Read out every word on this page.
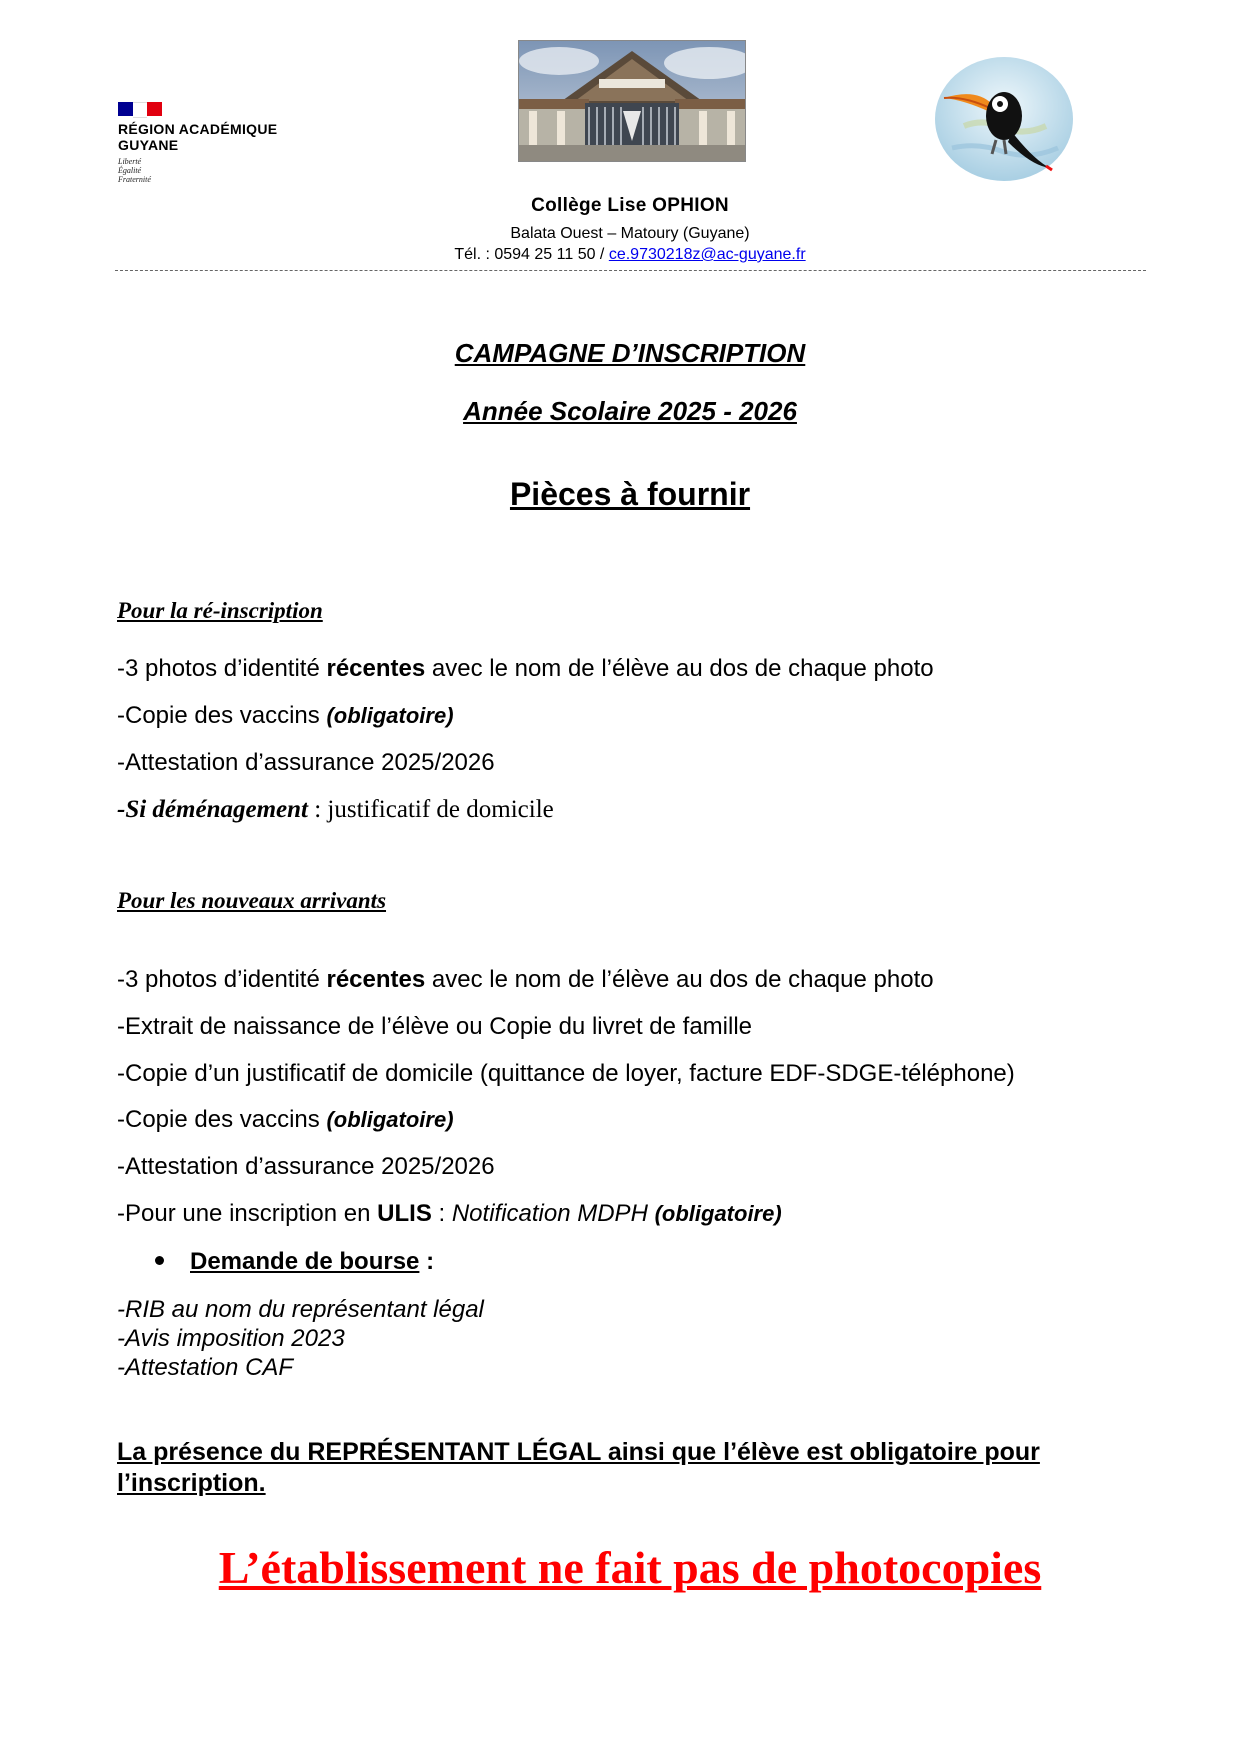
RÉGION ACADÉMIQUE
GUYANE
Liberté
Égalité
Fraternité
Collège Lise OPHION
Balata Ouest – Matoury (Guyane)
Tél. : 0594 25 11 50 / ce.9730218z@ac-guyane.fr
CAMPAGNE D’INSCRIPTION
Année Scolaire 2025 - 2026
Pièces à fournir
Pour la ré-inscription
-3 photos d’identité récentes avec le nom de l’élève au dos de chaque photo
-Copie des vaccins (obligatoire)
-Attestation d’assurance 2025/2026
-Si déménagement : justificatif de domicile
Pour les nouveaux arrivants
-3 photos d’identité récentes avec le nom de l’élève au dos de chaque photo
-Extrait de naissance de l’élève ou Copie du livret de famille
-Copie d’un justificatif de domicile (quittance de loyer, facture EDF-SDGE-téléphone)
-Copie des vaccins (obligatoire)
-Attestation d’assurance 2025/2026
-Pour une inscription en ULIS : Notification MDPH (obligatoire)
Demande de bourse :
-RIB au nom du représentant légal
-Avis imposition 2023
-Attestation CAF
La présence du REPRÉSENTANT LÉGAL ainsi que l’élève est obligatoire pour l’inscription.
L’établissement ne fait pas de photocopies
